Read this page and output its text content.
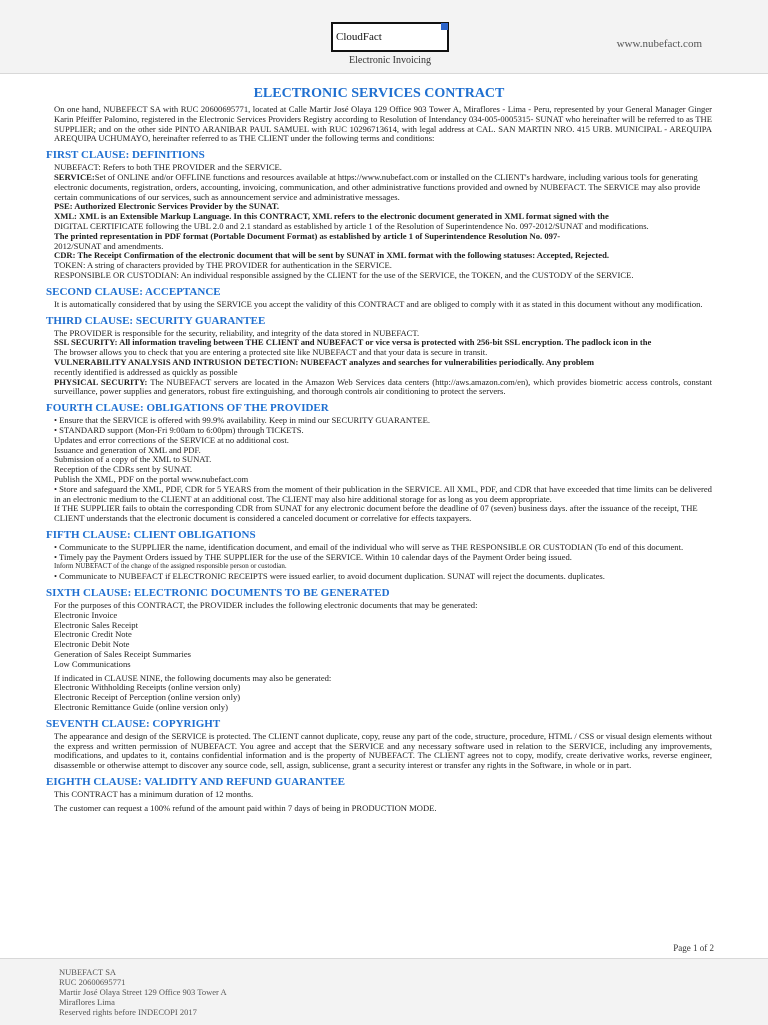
CloudFact
Electronic Invoicing
www.nubefact.com
ELECTRONIC SERVICES CONTRACT
On one hand, NUBEFECT SA with RUC 20600695771, located at Calle Martir José Olaya 129 Office 903 Tower A, Miraflores - Lima - Peru, represented by your General Manager Ginger Karin Pfeiffer Palomino, registered in the Electronic Services Providers Registry according to Resolution of Intendancy 034-005-0005315- SUNAT who hereinafter will be referred to as THE SUPPLIER; and on the other side PINTO ARANIBAR PAUL SAMUEL with RUC 10296713614, with legal address at CAL. SAN MARTIN NRO. 415 URB. MUNICIPAL - AREQUIPA AREQUIPA UCHUMAYO, hereinafter referred to as THE CLIENT under the following terms and conditions:
FIRST CLAUSE: DEFINITIONS
NUBEFACT: Refers to both THE PROVIDER and the SERVICE.
SERVICE:Set of ONLINE and/or OFFLINE functions and resources available at https://www.nubefact.com or installed on the CLIENT's hardware, including various tools for generating electronic documents, registration, orders, accounting, invoicing, communication, and other administrative functions provided and owned by NUBEFACT. The SERVICE may also provide certain communications of our services, such as announcement service and administrative messages.
PSE: Authorized Electronic Services Provider by the SUNAT.
XML: XML is an Extensible Markup Language. In this CONTRACT, XML refers to the electronic document generated in XML format signed with the
DIGITAL CERTIFICATE following the UBL 2.0 and 2.1 standard as established by article 1 of the Resolution of Superintendence No. 097-2012/SUNAT and modifications.
The printed representation in PDF format (Portable Document Format) as established by article 1 of Superintendence Resolution No. 097-
2012/SUNAT and amendments.
CDR: The Receipt Confirmation of the electronic document that will be sent by SUNAT in XML format with the following statuses: Accepted, Rejected.
TOKEN: A string of characters provided by THE PROVIDER for authentication in the SERVICE.
RESPONSIBLE OR CUSTODIAN: An individual responsible assigned by the CLIENT for the use of the SERVICE, the TOKEN, and the CUSTODY of the SERVICE.
SECOND CLAUSE: ACCEPTANCE
It is automatically considered that by using the SERVICE you accept the validity of this CONTRACT and are obliged to comply with it as stated in this document without any modification.
THIRD CLAUSE: SECURITY GUARANTEE
The PROVIDER is responsible for the security, reliability, and integrity of the data stored in NUBEFACT.
SSL SECURITY: All information traveling between THE CLIENT and NUBEFACT or vice versa is protected with 256-bit SSL encryption. The padlock icon in the
The browser allows you to check that you are entering a protected site like NUBEFACT and that your data is secure in transit.
VULNERABILITY ANALYSIS AND INTRUSION DETECTION: NUBEFACT analyzes and searches for vulnerabilities periodically. Any problem
recently identified is addressed as quickly as possible
PHYSICAL SECURITY: The NUBEFACT servers are located in the Amazon Web Services data centers (http://aws.amazon.com/en), which provides biometric access controls, constant surveillance, power supplies and generators, robust fire extinguishing, and thorough controls air conditioning to protect the servers.
FOURTH CLAUSE: OBLIGATIONS OF THE PROVIDER
• Ensure that the SERVICE is offered with 99.9% availability. Keep in mind our SECURITY GUARANTEE.
• STANDARD support (Mon-Fri 9:00am to 6:00pm) through TICKETS.
Updates and error corrections of the SERVICE at no additional cost.
Issuance and generation of XML and PDF.
Submission of a copy of the XML to SUNAT.
Reception of the CDRs sent by SUNAT.
Publish the XML, PDF on the portal www.nubefact.com
• Store and safeguard the XML, PDF, CDR for 5 YEARS from the moment of their publication in the SERVICE. All XML, PDF, and CDR that have exceeded that time limits can be delivered in an electronic medium to the CLIENT at an additional cost. The CLIENT may also hire additional storage for as long as you deem appropriate.
If THE SUPPLIER fails to obtain the corresponding CDR from SUNAT for any electronic document before the deadline of 07 (seven) business days. after the issuance of the receipt, THE CLIENT understands that the electronic document is considered a canceled document or correlative for effects taxpayers.
FIFTH CLAUSE: CLIENT OBLIGATIONS
• Communicate to the SUPPLIER the name, identification document, and email of the individual who will serve as THE RESPONSIBLE OR CUSTODIAN (To end of this document.
• Timely pay the Payment Orders issued by THE SUPPLIER for the use of the SERVICE. Within 10 calendar days of the Payment Order being issued.
Inform NUBEFACT of the change of the assigned responsible person or custodian.
• Communicate to NUBEFACT if ELECTRONIC RECEIPTS were issued earlier, to avoid document duplication. SUNAT will reject the documents. duplicates.
SIXTH CLAUSE: ELECTRONIC DOCUMENTS TO BE GENERATED
For the purposes of this CONTRACT, the PROVIDER includes the following electronic documents that may be generated:
Electronic Invoice
Electronic Sales Receipt
Electronic Credit Note
Electronic Debit Note
Generation of Sales Receipt Summaries
Low Communications
If indicated in CLAUSE NINE, the following documents may also be generated:
Electronic Withholding Receipts (online version only)
Electronic Receipt of Perception (online version only)
Electronic Remittance Guide (online version only)
SEVENTH CLAUSE: COPYRIGHT
The appearance and design of the SERVICE is protected. The CLIENT cannot duplicate, copy, reuse any part of the code, structure, procedure, HTML / CSS or visual design elements without the express and written permission of NUBEFACT. You agree and accept that the SERVICE and any necessary software used in relation to the SERVICE, including any improvements, modifications, and updates to it, contains confidential information and is the property of NUBEFACT. The CLIENT agrees not to copy, modify, create derivative works, reverse engineer, disassemble or otherwise attempt to discover any source code, sell, assign, sublicense, grant a security interest or transfer any rights in the Software, in whole or in part.
EIGHTH CLAUSE: VALIDITY AND REFUND GUARANTEE
This CONTRACT has a minimum duration of 12 months.
The customer can request a 100% refund of the amount paid within 7 days of being in PRODUCTION MODE.
Page 1 of 2
NUBEFACT SA
RUC 20600695771
Martir José Olaya Street 129 Office 903 Tower A
Miraflores Lima
Reserved rights before INDECOPI 2017
